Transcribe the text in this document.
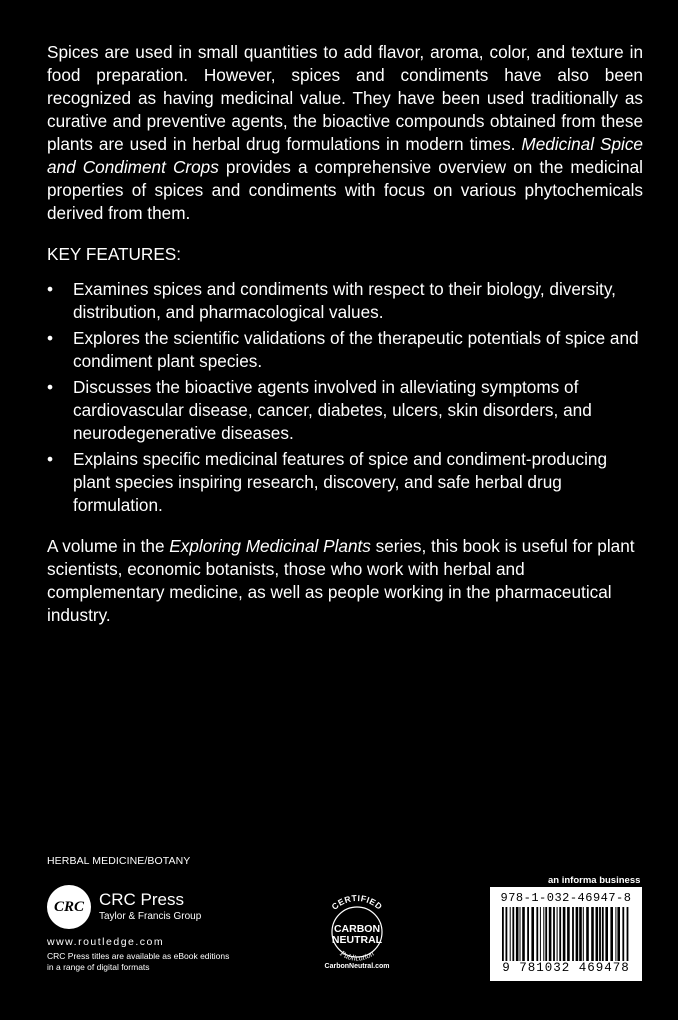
Spices are used in small quantities to add flavor, aroma, color, and texture in food preparation. However, spices and condiments have also been recognized as having medicinal value. They have been used traditionally as curative and preventive agents, the bioactive compounds obtained from these plants are used in herbal drug formulations in modern times. Medicinal Spice and Condiment Crops provides a comprehensive overview on the medicinal properties of spices and condiments with focus on various phytochemicals derived from them.

KEY FEATURES:

• Examines spices and condiments with respect to their biology, diversity, distribution, and pharmacological values.
• Explores the scientific validations of the therapeutic potentials of spice and condiment plant species.
• Discusses the bioactive agents involved in alleviating symptoms of cardiovascular disease, cancer, diabetes, ulcers, skin disorders, and neurodegenerative diseases.
• Explains specific medicinal features of spice and condiment-producing plant species inspiring research, discovery, and safe herbal drug formulation.

A volume in the Exploring Medicinal Plants series, this book is useful for plant scientists, economic botanists, those who work with herbal and complementary medicine, as well as people working in the pharmaceutical industry.

HERBAL MEDICINE/BOTANY
CRC CRC Press
Taylor & Francis Group
www.routledge.com
CRC Press titles are available as eBook editions in a range of digital formats
CERTIFIED
CARBON
NEUTRAL
Publication
CarbonNeutral.com
an informa business
978-1-032-46947-8
9 781032 469478
